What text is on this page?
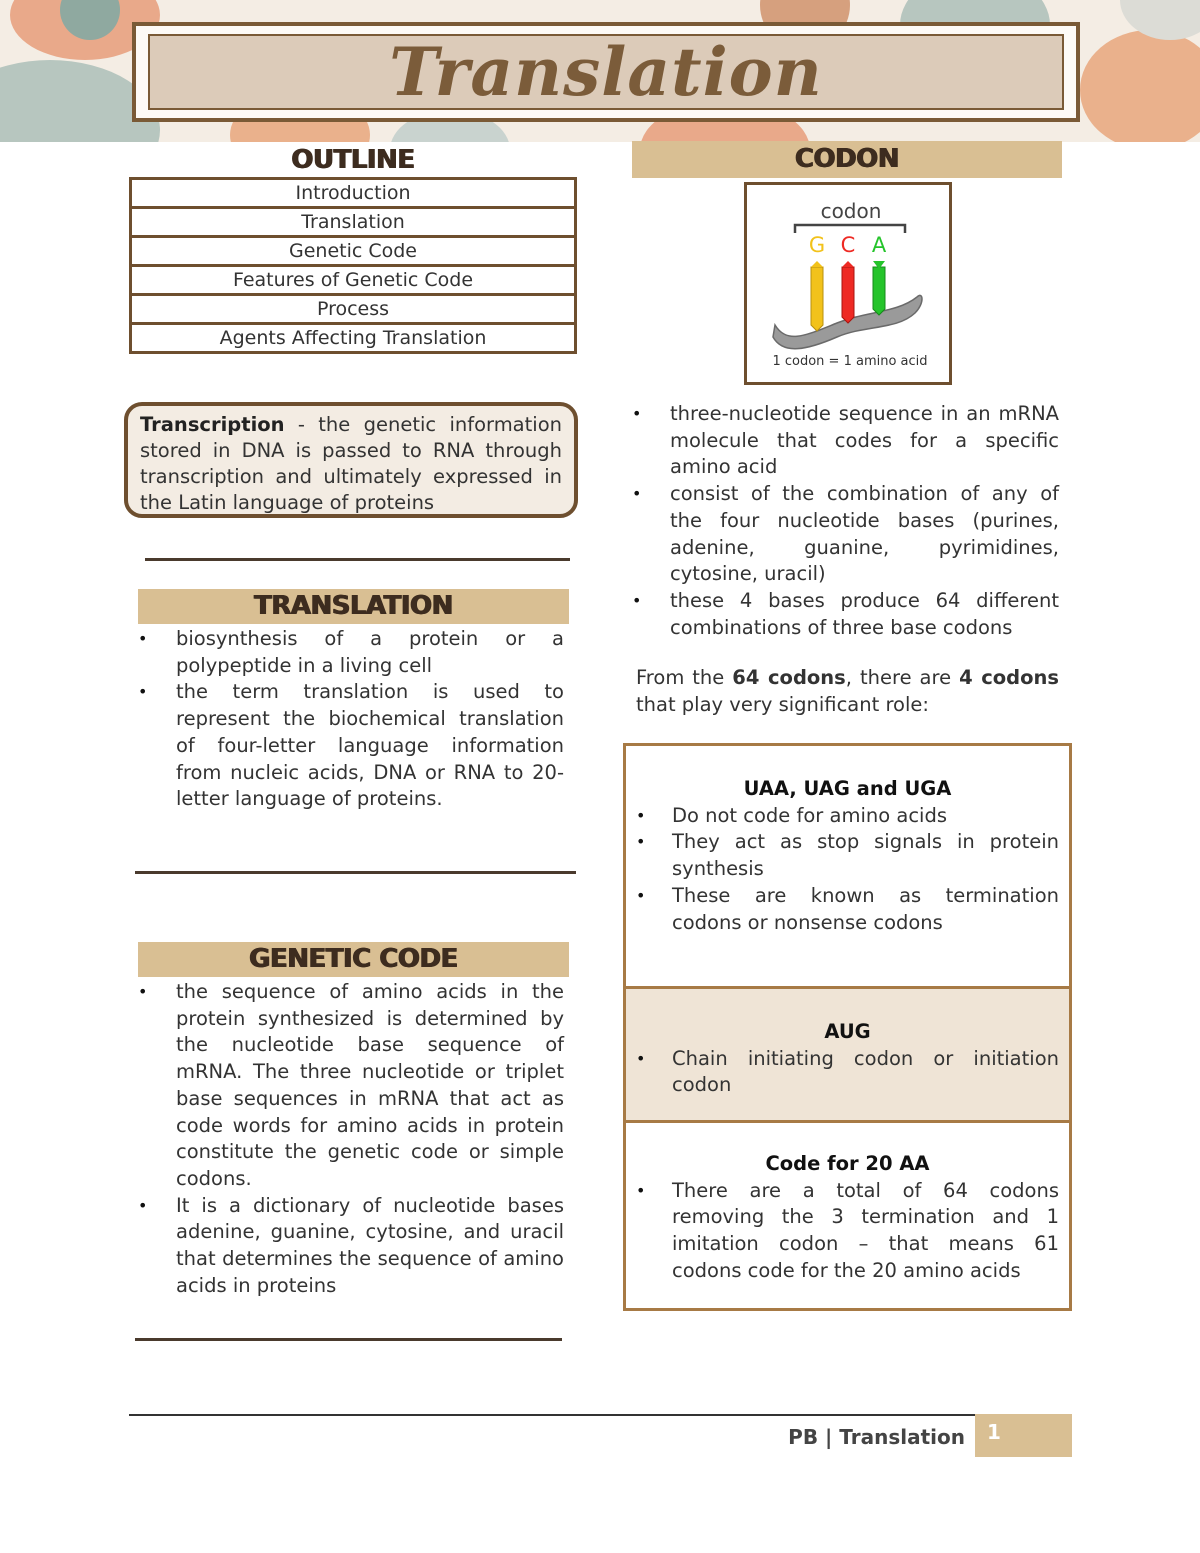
Translation
OUTLINE
Introduction
Translation
Genetic Code
Features of Genetic Code
Process
Agents Affecting Translation
Transcription - the genetic information stored in DNA is passed to RNA through transcription and ultimately expressed in the Latin language of proteins
TRANSLATION
• biosynthesis of a protein or a polypeptide in a living cell
• the term translation is used to represent the biochemical translation of four-letter language information from nucleic acids, DNA or RNA to 20-letter language of proteins.
GENETIC CODE
• the sequence of amino acids in the protein synthesized is determined by the nucleotide base sequence of mRNA. The three nucleotide or triplet base sequences in mRNA that act as code words for amino acids in protein constitute the genetic code or simple codons.
• It is a dictionary of nucleotide bases adenine, guanine, cytosine, and uracil that determines the sequence of amino acids in proteins
CODON
codon
G C A
1 codon = 1 amino acid
• three-nucleotide sequence in an mRNA molecule that codes for a specific amino acid
• consist of the combination of any of the four nucleotide bases (purines, adenine, guanine, pyrimidines, cytosine, uracil)
• these 4 bases produce 64 different combinations of three base codons
From the 64 codons, there are 4 codons that play very significant role:
UAA, UAG and UGA
• Do not code for amino acids
• They act as stop signals in protein synthesis
• These are known as termination codons or nonsense codons
AUG
• Chain initiating codon or initiation codon
Code for 20 AA
• There are a total of 64 codons removing the 3 termination and 1 imitation codon – that means 61 codons code for the 20 amino acids
PB | Translation 1
